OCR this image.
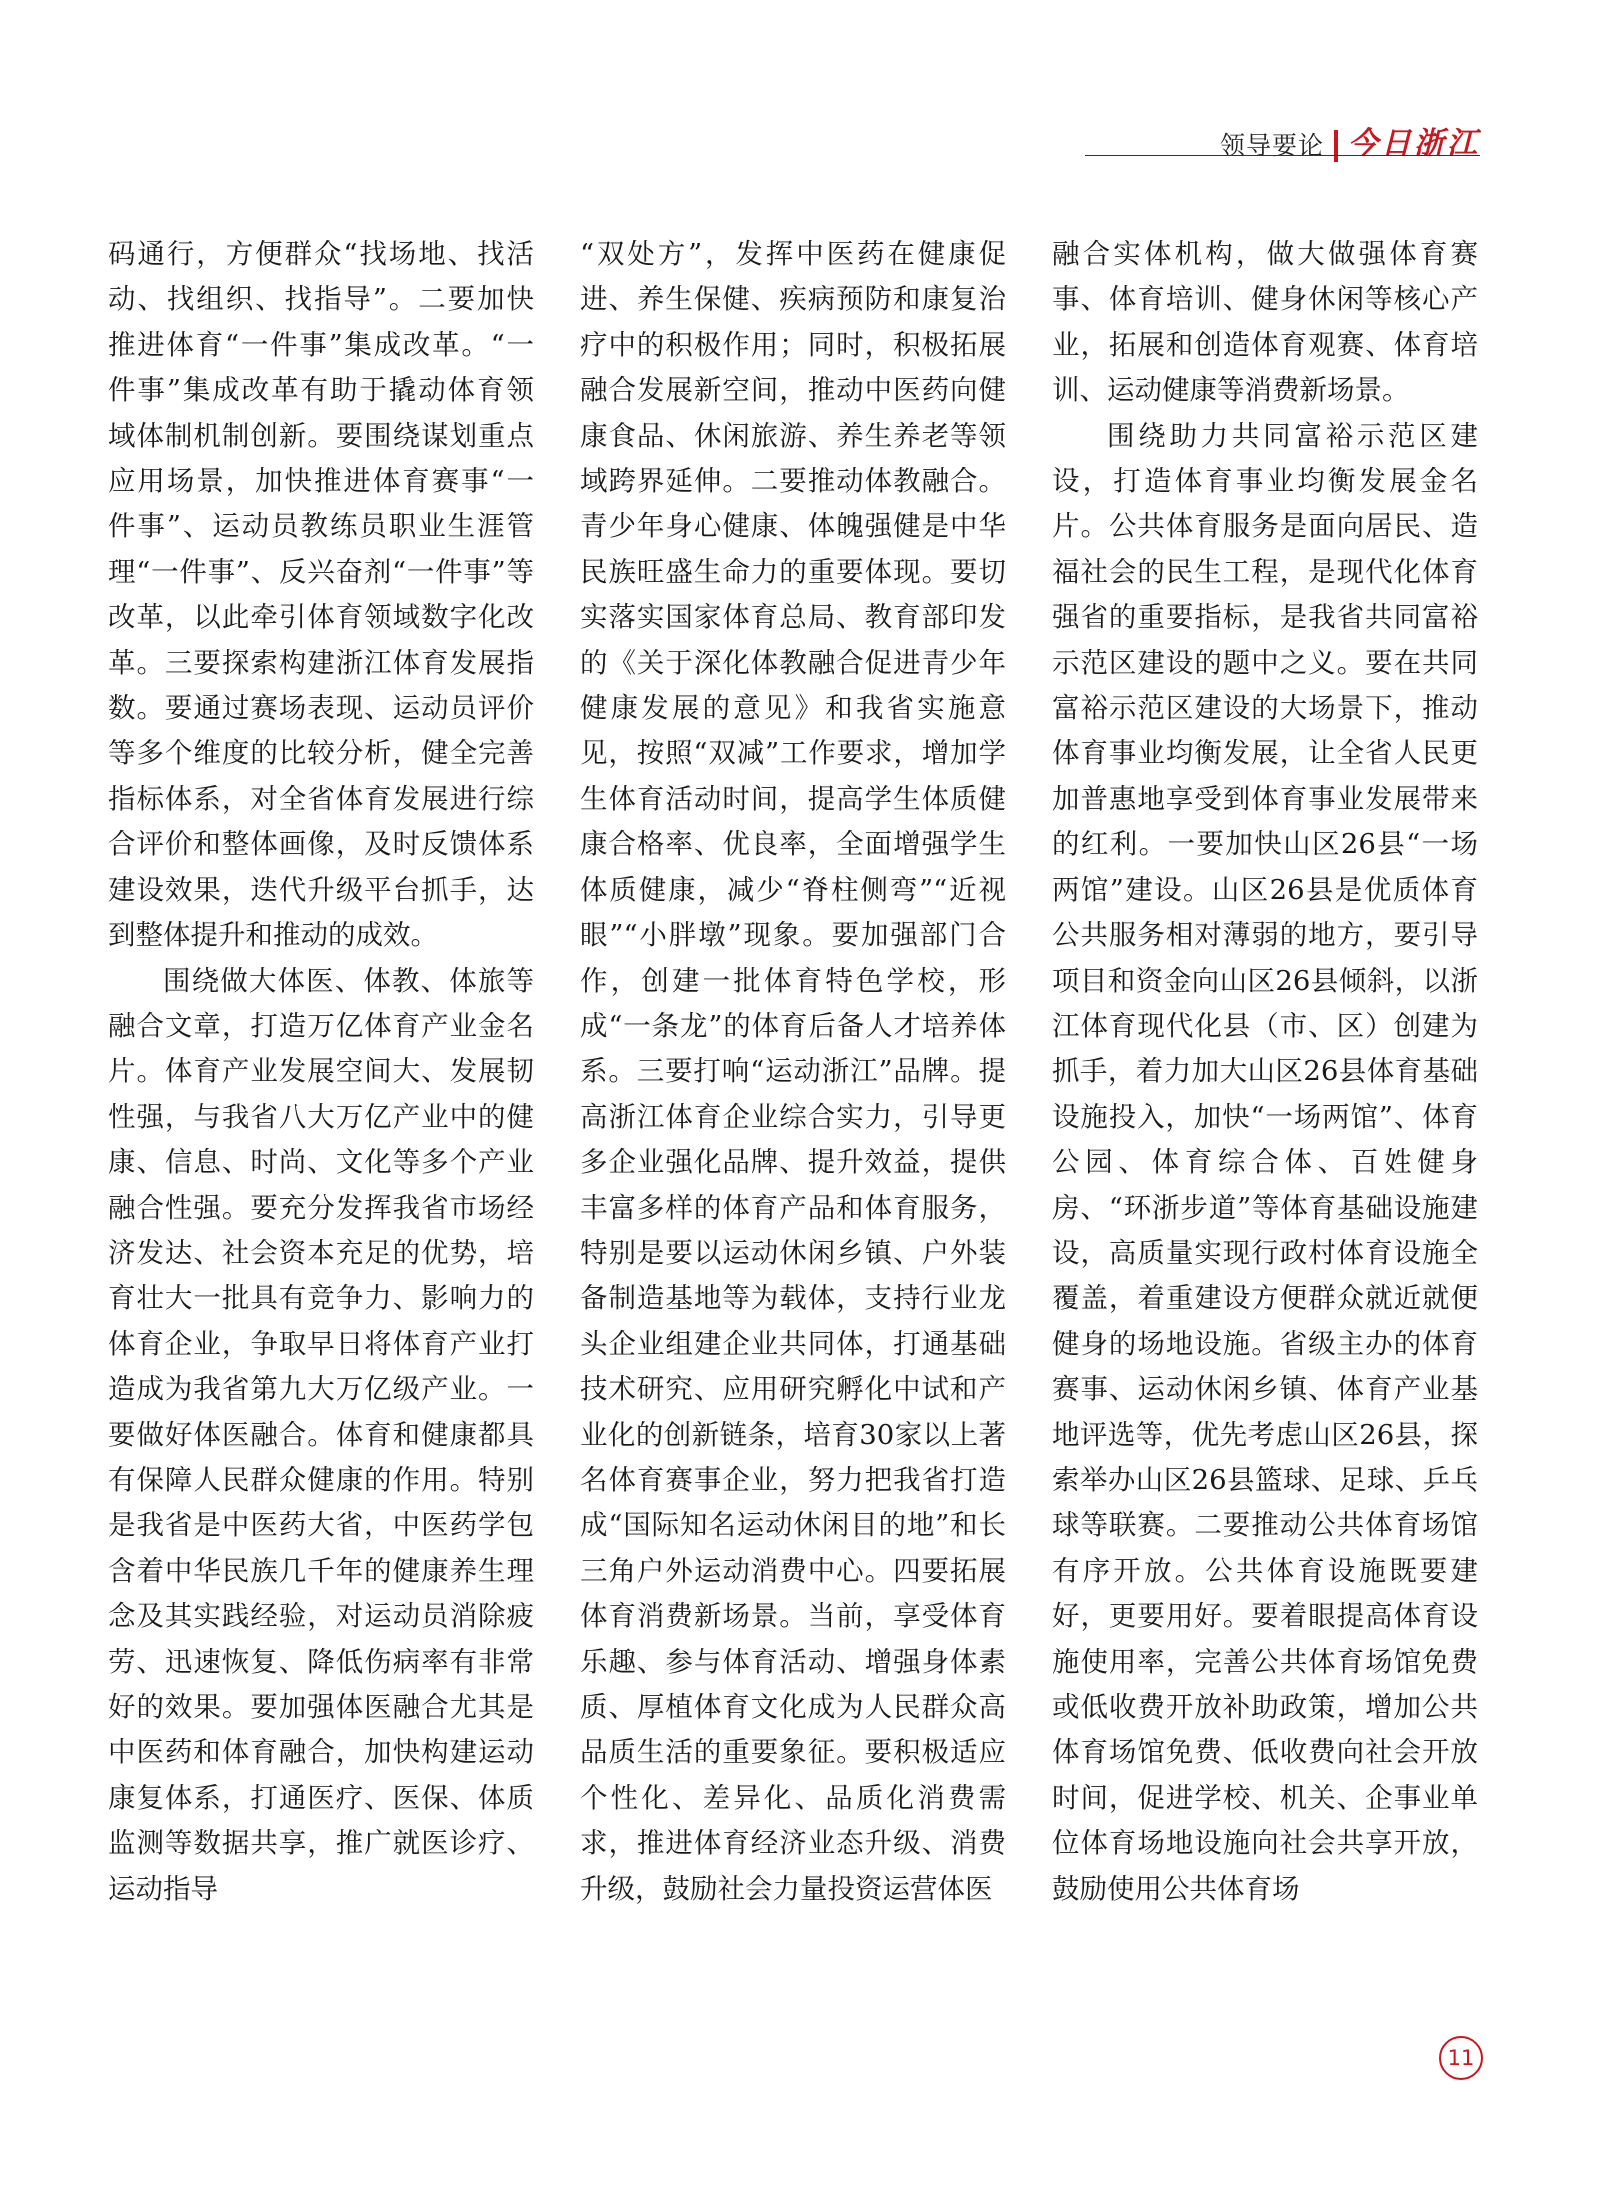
领导要论 今日浙江

码通行，方便群众“找场地、找活动、找组织、找指导”。二要加快推进体育“一件事”集成改革。“一件事”集成改革有助于撬动体育领域体制机制创新。要围绕谋划重点应用场景，加快推进体育赛事“一件事”、运动员教练员职业生涯管理“一件事”、反兴奋剂“一件事”等改革，以此牵引体育领域数字化改革。三要探索构建浙江体育发展指数。要通过赛场表现、运动员评价等多个维度的比较分析，健全完善指标体系，对全省体育发展进行综合评价和整体画像，及时反馈体系建设效果，迭代升级平台抓手，达到整体提升和推动的成效。

围绕做大体医、体教、体旅等融合文章，打造万亿体育产业金名片。体育产业发展空间大、发展韧性强，与我省八大万亿产业中的健康、信息、时尚、文化等多个产业融合性强。要充分发挥我省市场经济发达、社会资本充足的优势，培育壮大一批具有竞争力、影响力的体育企业，争取早日将体育产业打造成为我省第九大万亿级产业。一要做好体医融合。体育和健康都具有保障人民群众健康的作用。特别是我省是中医药大省，中医药学包含着中华民族几千年的健康养生理念及其实践经验，对运动员消除疲劳、迅速恢复、降低伤病率有非常好的效果。要加强体医融合尤其是中医药和体育融合，加快构建运动康复体系，打通医疗、医保、体质监测等数据共享，推广就医诊疗、运动指导

“双处方”，发挥中医药在健康促进、养生保健、疾病预防和康复治疗中的积极作用；同时，积极拓展融合发展新空间，推动中医药向健康食品、休闲旅游、养生养老等领域跨界延伸。二要推动体教融合。青少年身心健康、体魄强健是中华民族旺盛生命力的重要体现。要切实落实国家体育总局、教育部印发的《关于深化体教融合促进青少年健康发展的意见》和我省实施意见，按照“双减”工作要求，增加学生体育活动时间，提高学生体质健康合格率、优良率，全面增强学生体质健康，减少“脊柱侧弯”“近视眼”“小胖墩”现象。要加强部门合作，创建一批体育特色学校，形成“一条龙”的体育后备人才培养体系。三要打响“运动浙江”品牌。提高浙江体育企业综合实力，引导更多企业强化品牌、提升效益，提供丰富多样的体育产品和体育服务，特别是要以运动休闲乡镇、户外装备制造基地等为载体，支持行业龙头企业组建企业共同体，打通基础技术研究、应用研究孵化中试和产业化的创新链条，培育30家以上著名体育赛事企业，努力把我省打造成“国际知名运动休闲目的地”和长三角户外运动消费中心。四要拓展体育消费新场景。当前，享受体育乐趣、参与体育活动、增强身体素质、厚植体育文化成为人民群众高品质生活的重要象征。要积极适应个性化、差异化、品质化消费需求，推进体育经济业态升级、消费升级，鼓励社会力量投资运营体医

融合实体机构，做大做强体育赛事、体育培训、健身休闲等核心产业，拓展和创造体育观赛、体育培训、运动健康等消费新场景。

围绕助力共同富裕示范区建设，打造体育事业均衡发展金名片。公共体育服务是面向居民、造福社会的民生工程，是现代化体育强省的重要指标，是我省共同富裕示范区建设的题中之义。要在共同富裕示范区建设的大场景下，推动体育事业均衡发展，让全省人民更加普惠地享受到体育事业发展带来的红利。一要加快山区26县“一场两馆”建设。山区26县是优质体育公共服务相对薄弱的地方，要引导项目和资金向山区26县倾斜，以浙江体育现代化县（市、区）创建为抓手，着力加大山区26县体育基础设施投入，加快“一场两馆”、体育公园、体育综合体、百姓健身房、“环浙步道”等体育基础设施建设，高质量实现行政村体育设施全覆盖，着重建设方便群众就近就便健身的场地设施。省级主办的体育赛事、运动休闲乡镇、体育产业基地评选等，优先考虑山区26县，探索举办山区26县篮球、足球、乒乓球等联赛。二要推动公共体育场馆有序开放。公共体育设施既要建好，更要用好。要着眼提高体育设施使用率，完善公共体育场馆免费或低收费开放补助政策，增加公共体育场馆免费、低收费向社会开放时间，促进学校、机关、企事业单位体育场地设施向社会共享开放，鼓励使用公共体育场

11
